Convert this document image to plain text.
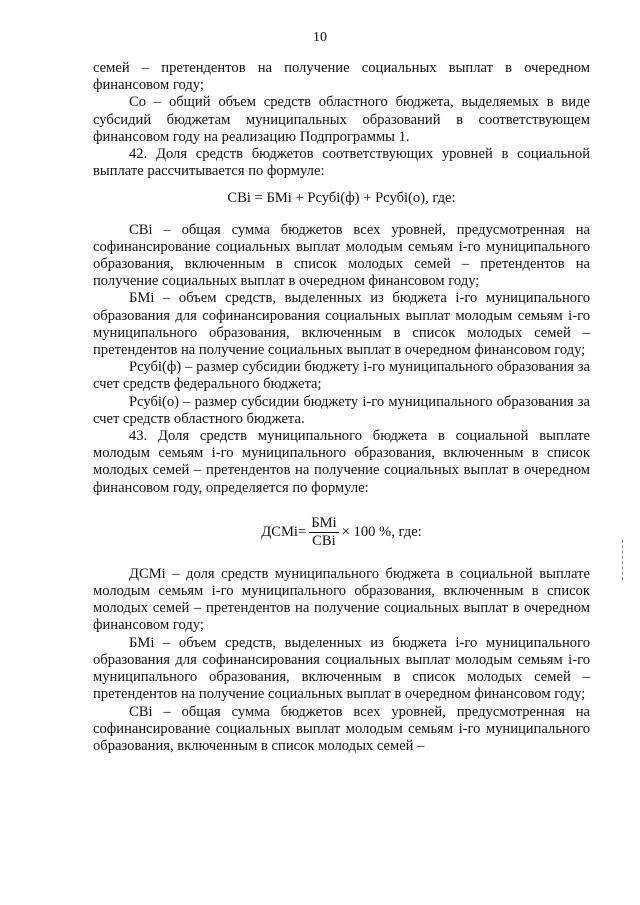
10

семей – претендентов на получение социальных выплат в очередном финансовом году;

Со – общий объем средств областного бюджета, выделяемых в виде субсидий бюджетам муниципальных образований в соответствующем финансовом году на реализацию Подпрограммы 1.

42. Доля средств бюджетов соответствующих уровней в социальной выплате рассчитывается по формуле:

СВi = БМi + Рсубi(ф) + Рсубi(о), где:

СВi – общая сумма бюджетов всех уровней, предусмотренная на софинансирование социальных выплат молодым семьям i-го муниципального образования, включенным в список молодых семей – претендентов на получение социальных выплат в очередном финансовом году;

БМi – объем средств, выделенных из бюджета i-го муниципального образования для софинансирования социальных выплат молодым семьям i-го муниципального образования, включенным в список молодых семей – претендентов на получение социальных выплат в очередном финансовом году;

Рсубi(ф) – размер субсидии бюджету i-го муниципального образования за счет средств федерального бюджета;

Рсубi(о) – размер субсидии бюджету i-го муниципального образования за счет средств областного бюджета.

43. Доля средств муниципального бюджета в социальной выплате молодым семьям i-го муниципального образования, включенным в список молодых семей – претендентов на получение социальных выплат в очередном финансовом году, определяется по формуле:

ДСМi= $\frac{\text{БМi}}{\text{СВi}} \times 100$ %, где:

ДСМi – доля средств муниципального бюджета в социальной выплате молодым семьям i-го муниципального образования, включенным в список молодых семей – претендентов на получение социальных выплат в очередном финансовом году;

БМi – объем средств, выделенных из бюджета i-го муниципального образования для софинансирования социальных выплат молодым семьям i-го муниципального образования, включенным в список молодых семей – претендентов на получение социальных выплат в очередном финансовом году;

СВi – общая сумма бюджетов всех уровней, предусмотренная на софинансирование социальных выплат молодым семьям i-го муниципального образования, включенным в список молодых семей –
